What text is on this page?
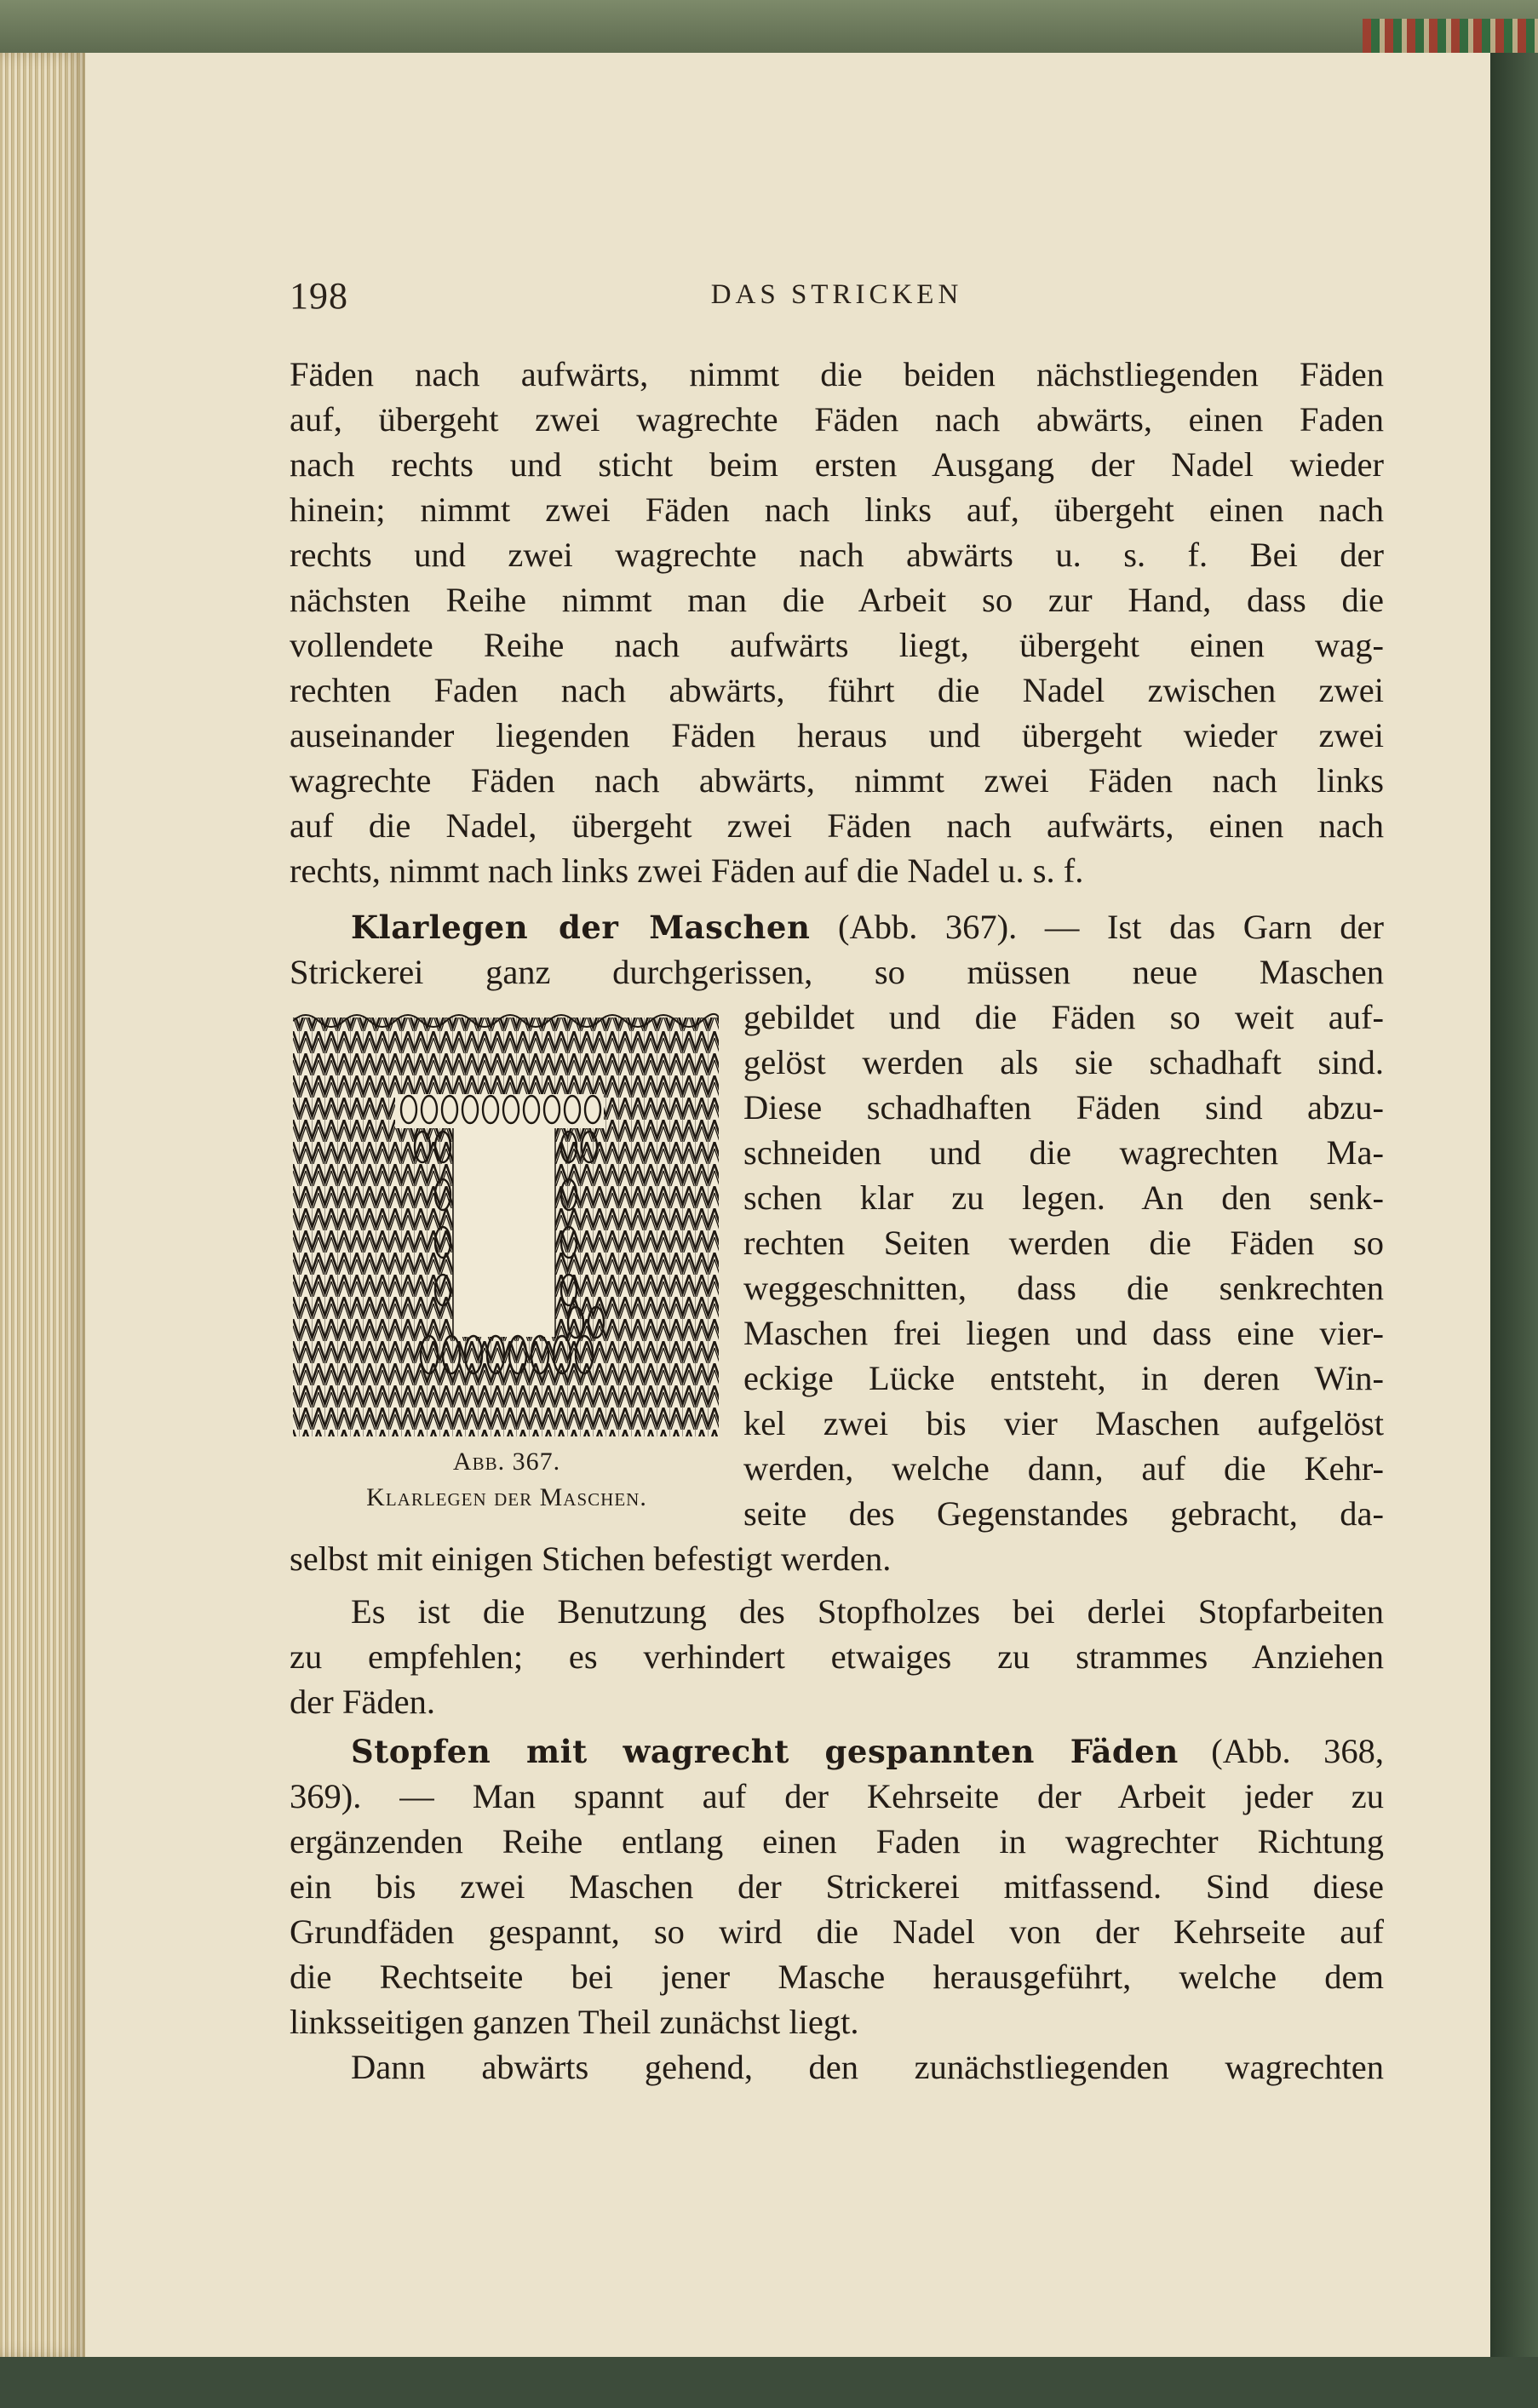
198	DAS STRICKEN
Fäden nach aufwärts, nimmt die beiden nächstliegenden Fäden
auf, übergeht zwei wagrechte Fäden nach abwärts, einen Faden
nach rechts und sticht beim ersten Ausgang der Nadel wieder
hinein; nimmt zwei Fäden nach links auf, übergeht einen nach
rechts und zwei wagrechte nach abwärts u. s. f. Bei der
nächsten Reihe nimmt man die Arbeit so zur Hand, dass die
vollendete Reihe nach aufwärts liegt, übergeht einen wag-
rechten Faden nach abwärts, führt die Nadel zwischen zwei
auseinander liegenden Fäden heraus und übergeht wieder zwei
wagrechte Fäden nach abwärts, nimmt zwei Fäden nach links
auf die Nadel, übergeht zwei Fäden nach aufwärts, einen nach
rechts, nimmt nach links zwei Fäden auf die Nadel u. s. f.
Klarlegen der Maschen (Abb. 367). — Ist das Garn der
Strickerei ganz durchgerissen, so müssen neue Maschen
gebildet und die Fäden so weit auf-
gelöst werden als sie schadhaft sind.
Diese schadhaften Fäden sind abzu-
schneiden und die wagrechten Ma-
schen klar zu legen. An den senk-
rechten Seiten werden die Fäden so
weggeschnitten, dass die senkrechten
Maschen frei liegen und dass eine vier-
eckige Lücke entsteht, in deren Win-
kel zwei bis vier Maschen aufgelöst
werden, welche dann, auf die Kehr-
seite des Gegenstandes gebracht, da-
selbst mit einigen Stichen befestigt werden.
Abb. 367.
Klarlegen der Maschen.
Es ist die Benutzung des Stopfholzes bei derlei Stopfarbeiten
zu empfehlen; es verhindert etwaiges zu strammes Anziehen
der Fäden.
Stopfen mit wagrecht gespannten Fäden (Abb. 368,
369). — Man spannt auf der Kehrseite der Arbeit jeder zu
ergänzenden Reihe entlang einen Faden in wagrechter Richtung
ein bis zwei Maschen der Strickerei mitfassend. Sind diese
Grundfäden gespannt, so wird die Nadel von der Kehrseite auf
die Rechtseite bei jener Masche herausgeführt, welche dem
linksseitigen ganzen Theil zunächst liegt.
Dann abwärts gehend, den zunächstliegenden wagrechten
